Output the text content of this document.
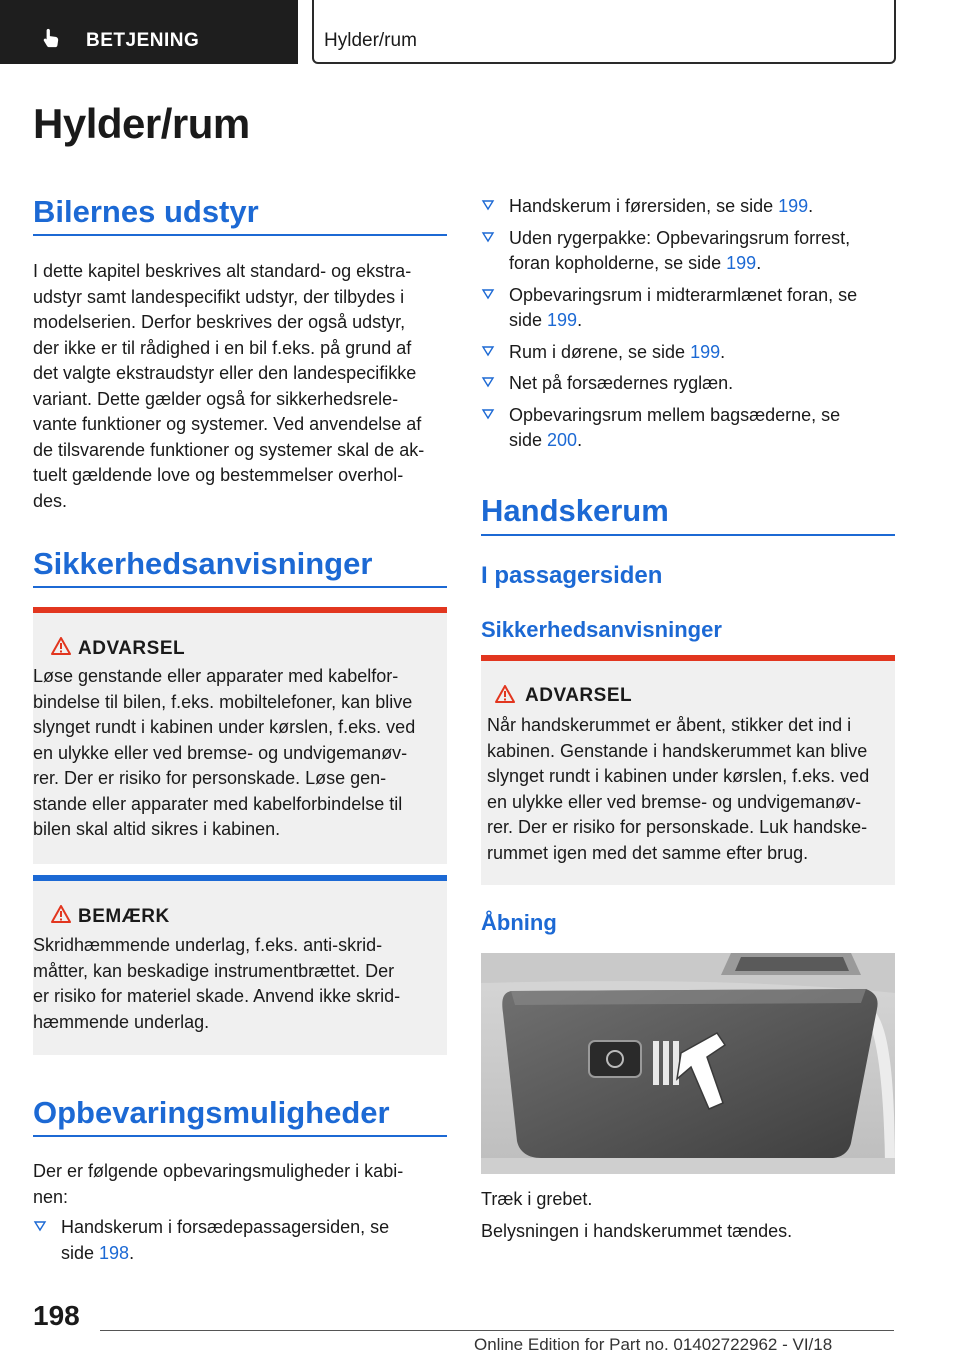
BETJENING	Hylder/rum
Hylder/rum
Bilernes udstyr
I dette kapitel beskrives alt standard- og ekstra-
udstyr samt landespecifikt udstyr, der tilbydes i
modelserien. Derfor beskrives der også udstyr,
der ikke er til rådighed i en bil f.eks. på grund af
det valgte ekstraudstyr eller den landespecifikke
variant. Dette gælder også for sikkerhedsrele-
vante funktioner og systemer. Ved anvendelse af
de tilsvarende funktioner og systemer skal de ak-
tuelt gældende love og bestemmelser overhol-
des.
Sikkerhedsanvisninger
ADVARSEL
Løse genstande eller apparater med kabelfor-
bindelse til bilen, f.eks. mobiltelefoner, kan blive
slynget rundt i kabinen under kørslen, f.eks. ved
en ulykke eller ved bremse- og undvigemanøv-
rer. Der er risiko for personskade. Løse gen-
stande eller apparater med kabelforbindelse til
bilen skal altid sikres i kabinen.
BEMÆRK
Skridhæmmende underlag, f.eks. anti-skrid-
måtter, kan beskadige instrumentbrættet. Der
er risiko for materiel skade. Anvend ikke skrid-
hæmmende underlag.
Opbevaringsmuligheder
Der er følgende opbevaringsmuligheder i kabi-
nen:
Handskerum i forsædepassagersiden, se
side 198.
Handskerum i førersiden, se side 199.
Uden rygerpakke: Opbevaringsrum forrest,
foran kopholderne, se side 199.
Opbevaringsrum i midterarmlænet foran, se
side 199.
Rum i dørene, se side 199.
Net på forsædernes ryglæn.
Opbevaringsrum mellem bagsæderne, se
side 200.
Handskerum
I passagersiden
Sikkerhedsanvisninger
ADVARSEL
Når handskerummet er åbent, stikker det ind i
kabinen. Genstande i handskerummet kan blive
slynget rundt i kabinen under kørslen, f.eks. ved
en ulykke eller ved bremse- og undvigemanøv-
rer. Der er risiko for personskade. Luk handske-
rummet igen med det samme efter brug.
Åbning
Træk i grebet.
Belysningen i handskerummet tændes.
198
Online Edition for Part no. 01402722962 - VI/18
